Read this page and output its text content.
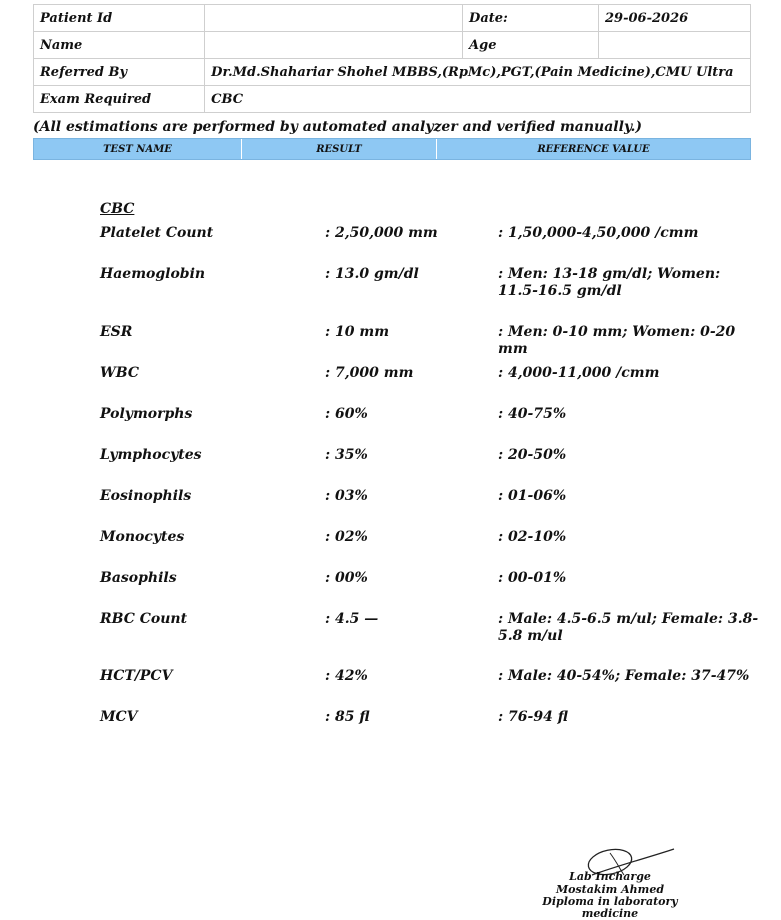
Patient Id		Date:	29-06-2026
Name		Age	
Referred By	Dr.Md.Shahariar Shohel MBBS,(RpMc),PGT,(Pain Medicine),CMU Ultra		
Exam Required	CBC		
(All estimations are performed by automated analyzer and verified manually.)
TEST NAME	RESULT	REFERENCE VALUE
CBC
Platelet Count	: 2,50,000 mm	: 1,50,000-4,50,000 /cmm
Haemoglobin	: 13.0 gm/dl	: Men: 13-18 gm/dl; Women: 11.5-16.5 gm/dl
ESR	: 10 mm	: Men: 0-10 mm; Women: 0-20 mm
WBC	: 7,000 mm	: 4,000-11,000 /cmm
Polymorphs	: 60%	: 40-75%
Lymphocytes	: 35%	: 20-50%
Eosinophils	: 03%	: 01-06%
Monocytes	: 02%	: 02-10%
Basophils	: 00%	: 00-01%
RBC Count	: 4.5 —	: Male: 4.5-6.5 m/ul; Female: 3.8-5.8 m/ul
HCT/PCV	: 42%	: Male: 40-54%; Female: 37-47%
MCV	: 85 fl	: 76-94 fl
Lab Incharge
Mostakim Ahmed
Diploma in laboratory medicine
